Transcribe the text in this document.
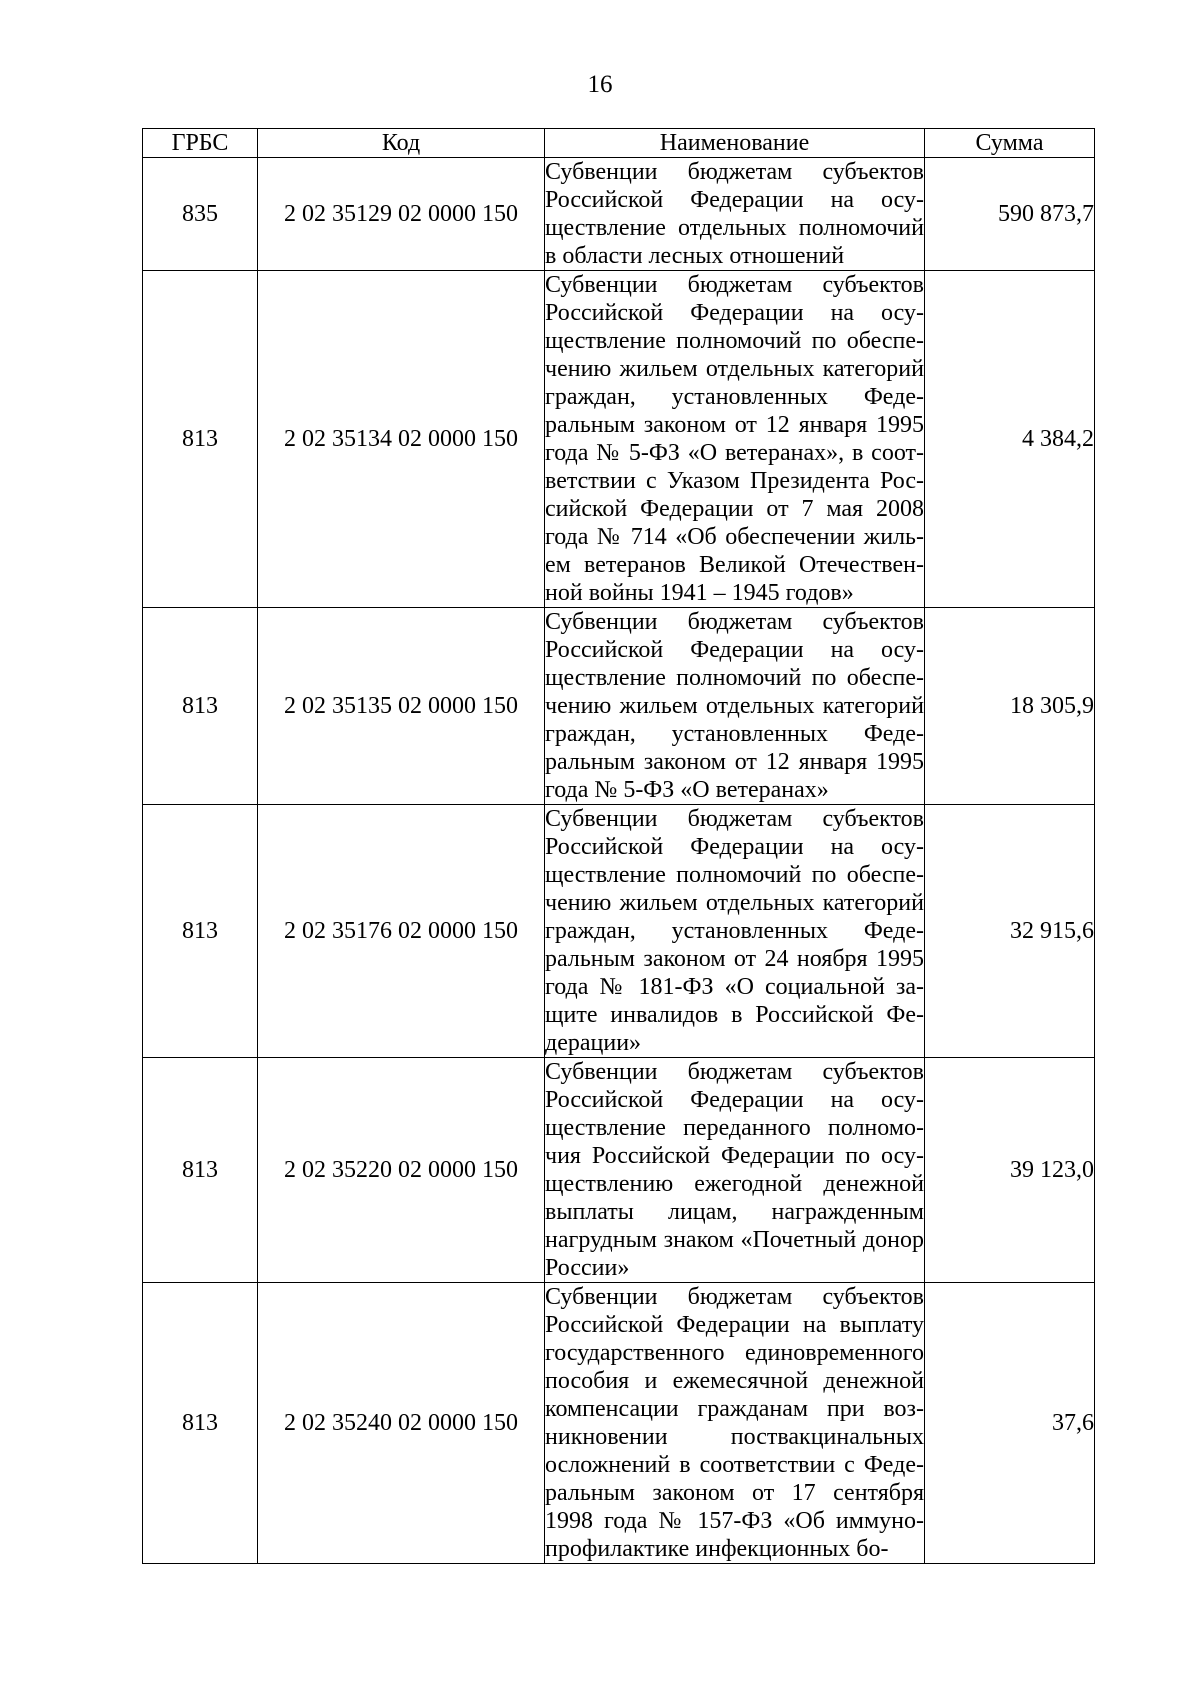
16
ГРБС	Код	Наименование	Сумма
835	2 02 35129 02 0000 150	Субвенции бюджетам субъектов Российской Федерации на осуществление отдельных полномочий в области лесных отношений	590 873,7
813	2 02 35134 02 0000 150	Субвенции бюджетам субъектов Российской Федерации на осуществление полномочий по обеспечению жильем отдельных категорий граждан, установленных Федеральным законом от 12 января 1995 года № 5-ФЗ «О ветеранах», в соответствии с Указом Президента Российской Федерации от 7 мая 2008 года № 714 «Об обеспечении жильем ветеранов Великой Отечественной войны 1941 – 1945 годов»	4 384,2
813	2 02 35135 02 0000 150	Субвенции бюджетам субъектов Российской Федерации на осуществление полномочий по обеспечению жильем отдельных категорий граждан, установленных Федеральным законом от 12 января 1995 года № 5-ФЗ «О ветеранах»	18 305,9
813	2 02 35176 02 0000 150	Субвенции бюджетам субъектов Российской Федерации на осуществление полномочий по обеспечению жильем отдельных категорий граждан, установленных Федеральным законом от 24 ноября 1995 года № 181-ФЗ «О социальной защите инвалидов в Российской Федерации»	32 915,6
813	2 02 35220 02 0000 150	Субвенции бюджетам субъектов Российской Федерации на осуществление переданного полномочия Российской Федерации по осуществлению ежегодной денежной выплаты лицам, награжденным нагрудным знаком «Почетный донор России»	39 123,0
813	2 02 35240 02 0000 150	Субвенции бюджетам субъектов Российской Федерации на выплату государственного единовременного пособия и ежемесячной денежной компенсации гражданам при возникновении поствакцинальных осложнений в соответствии с Федеральным законом от 17 сентября 1998 года № 157-ФЗ «Об иммунопрофилактике инфекционных бо-	37,6
